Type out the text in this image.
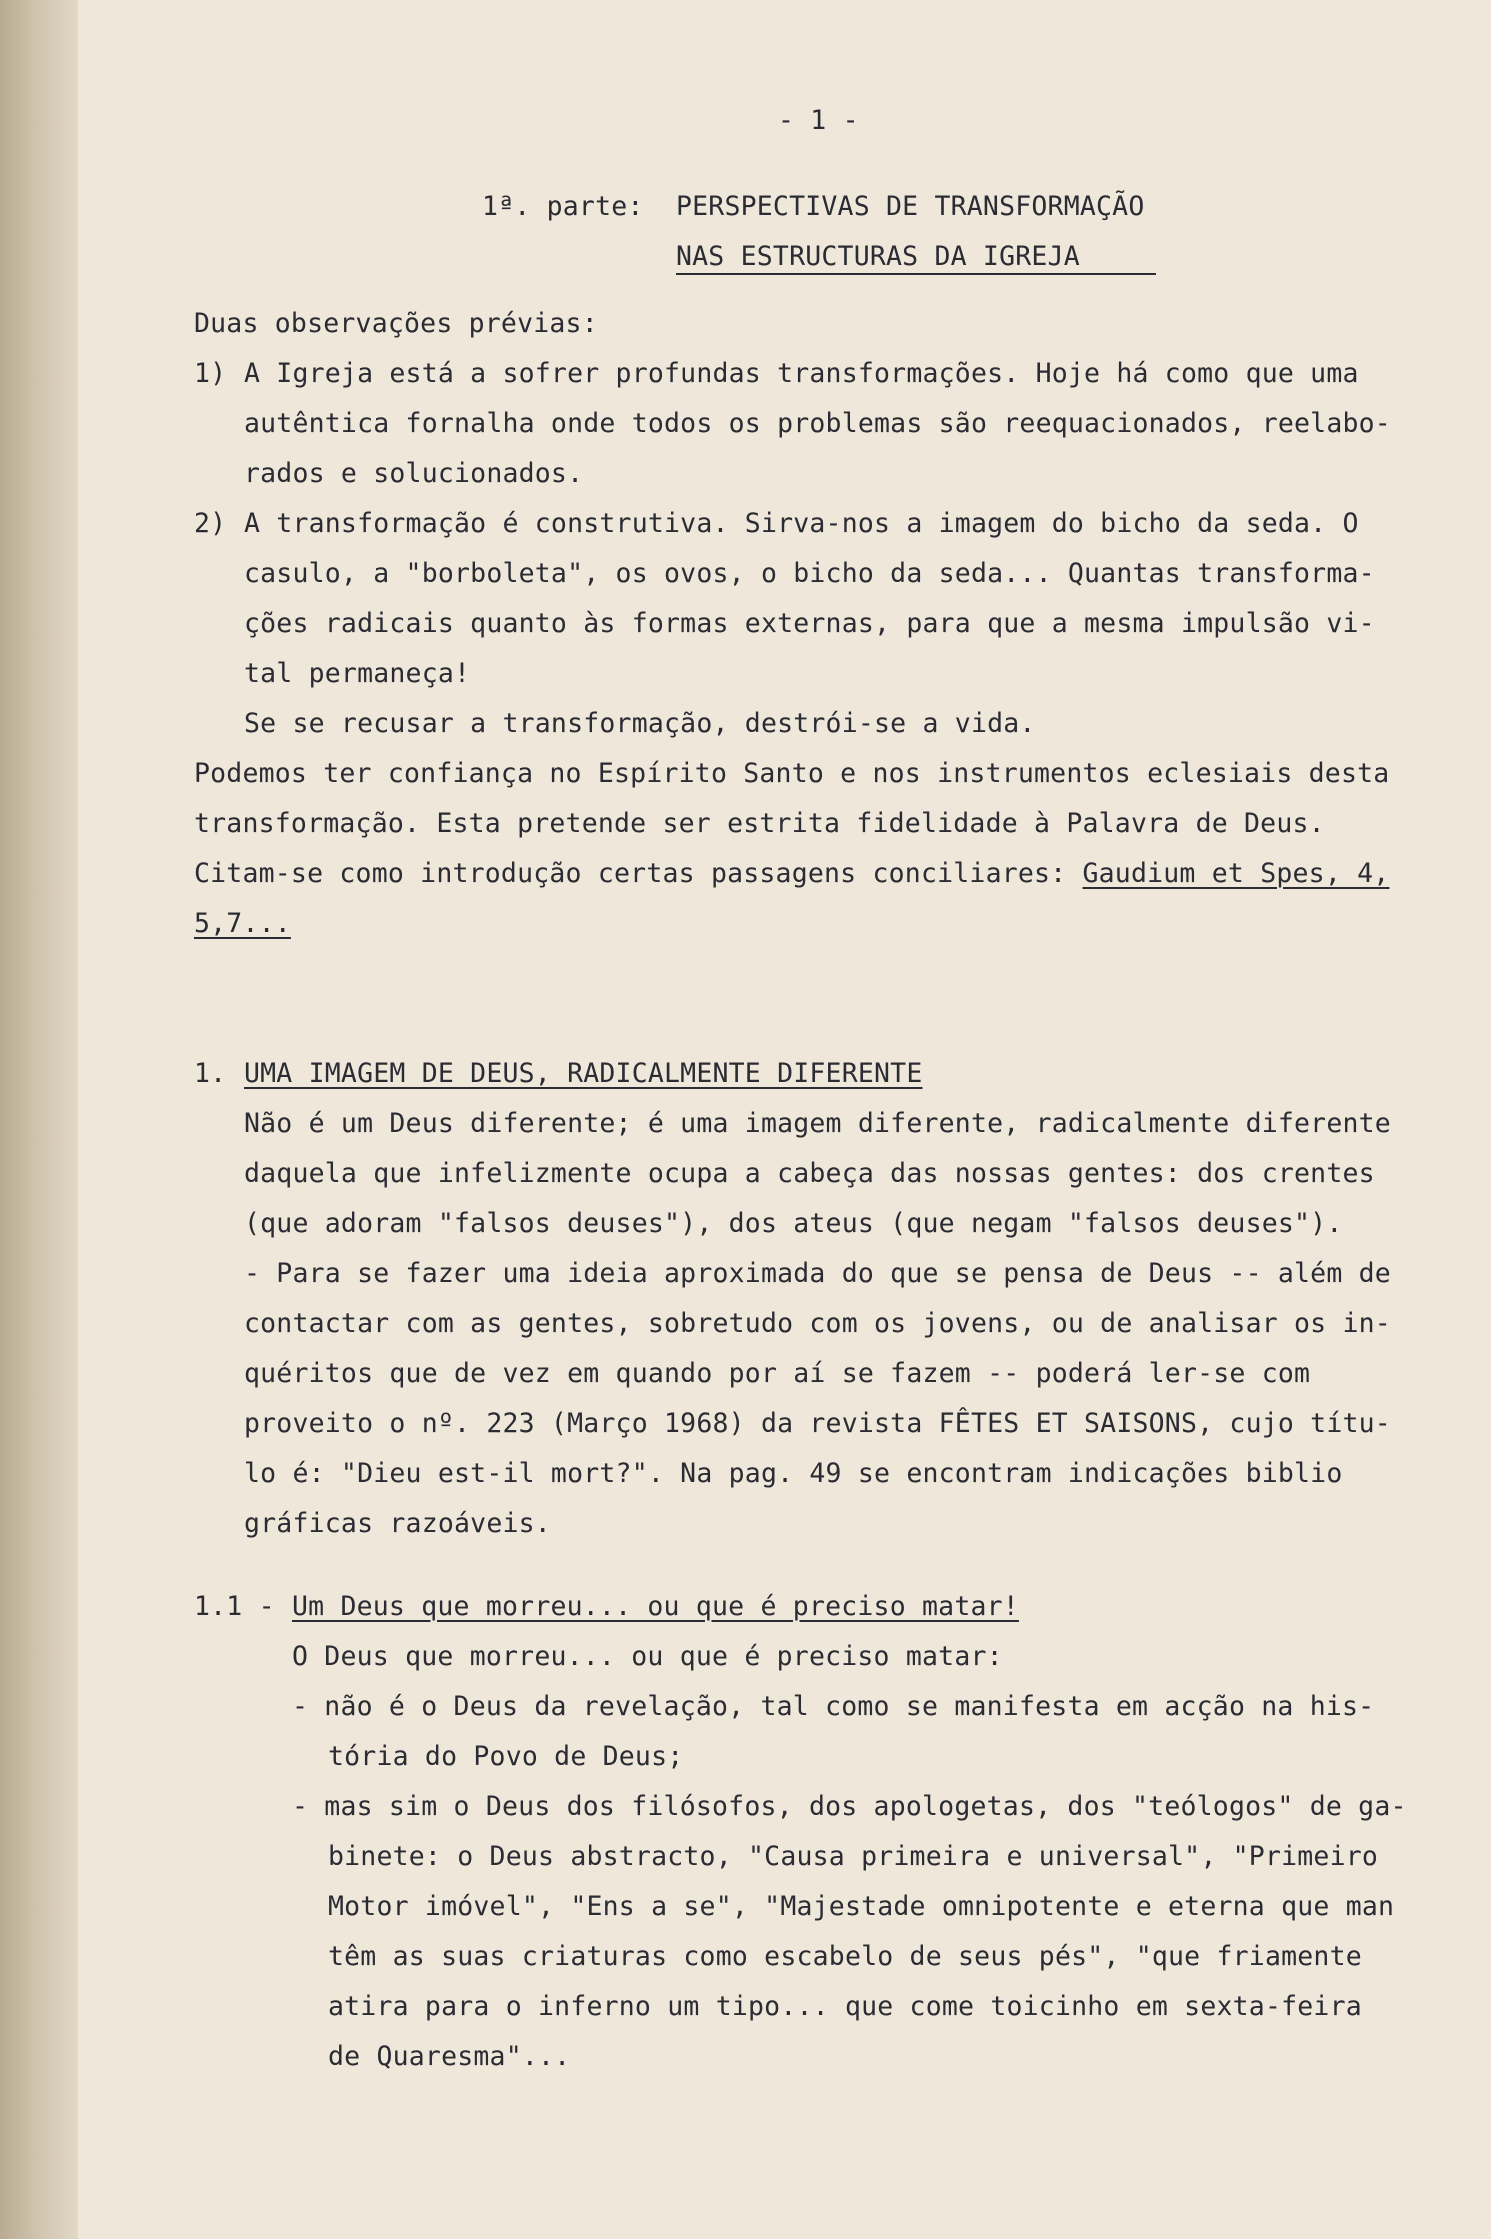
- 1 -
1ª. parte: PERSPECTIVAS DE TRANSFORMAÇÃO
NAS ESTRUCTURAS DA IGREJA
Duas observações prévias:
1) A Igreja está a sofrer profundas transformações. Hoje há como que uma
autêntica fornalha onde todos os problemas são reequacionados, reelabo-
rados e solucionados.
2) A transformação é construtiva. Sirva-nos a imagem do bicho da seda. O
casulo, a "borboleta", os ovos, o bicho da seda... Quantas transforma-
ções radicais quanto às formas externas, para que a mesma impulsão vi-
tal permaneça!
Se se recusar a transformação, destrói-se a vida.
Podemos ter confiança no Espírito Santo e nos instrumentos eclesiais desta
transformação. Esta pretende ser estrita fidelidade à Palavra de Deus.
Citam-se como introdução certas passagens conciliares: Gaudium et Spes, 4,
5,7...
1. UMA IMAGEM DE DEUS, RADICALMENTE DIFERENTE
Não é um Deus diferente; é uma imagem diferente, radicalmente diferente
daquela que infelizmente ocupa a cabeça das nossas gentes: dos crentes
(que adoram "falsos deuses"), dos ateus (que negam "falsos deuses").
- Para se fazer uma ideia aproximada do que se pensa de Deus -- além de
contactar com as gentes, sobretudo com os jovens, ou de analisar os in-
quéritos que de vez em quando por aí se fazem -- poderá ler-se com
proveito o nº. 223 (Março 1968) da revista FÊTES ET SAISONS, cujo títu-
lo é: "Dieu est-il mort?". Na pag. 49 se encontram indicações biblio
gráficas razoáveis.
1.1 - Um Deus que morreu... ou que é preciso matar!
O Deus que morreu... ou que é preciso matar:
- não é o Deus da revelação, tal como se manifesta em acção na his-
tória do Povo de Deus;
- mas sim o Deus dos filósofos, dos apologetas, dos "teólogos" de ga-
binete: o Deus abstracto, "Causa primeira e universal", "Primeiro
Motor imóvel", "Ens a se", "Majestade omnipotente e eterna que man
têm as suas criaturas como escabelo de seus pés", "que friamente
atira para o inferno um tipo... que come toicinho em sexta-feira
de Quaresma"...
